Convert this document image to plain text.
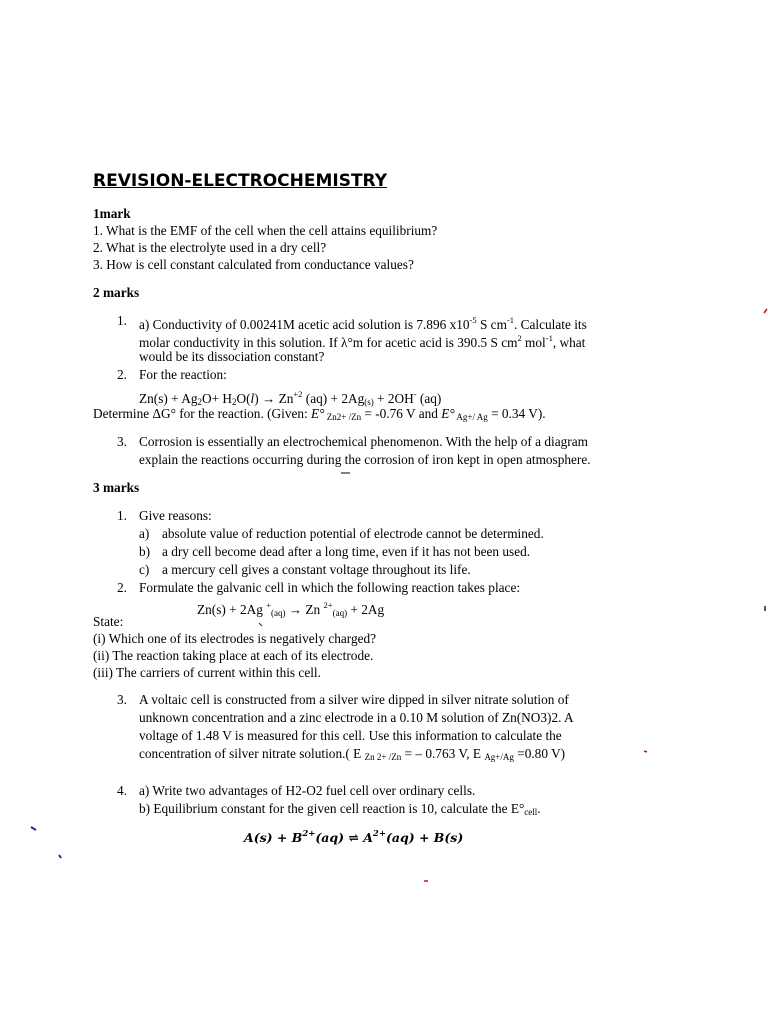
REVISION-ELECTROCHEMISTRY
1mark
1. What is the EMF of the cell when the cell attains equilibrium?
2. What is the electrolyte used in a dry cell?
3. How is cell constant calculated from conductance values?
2 marks
1. a) Conductivity of 0.00241M acetic acid solution is 7.896 $x10^{-5}$ S $cm^{-1}$. Calculate its
molar conductivity in this solution. If λ°m for acetic acid is 390.5 S $cm^2$ mol$^{-1}$, what
would be its dissociation constant?
2. For the reaction:
$Zn(s) + Ag_2O+ H_2O(l) \to Zn^{+2}$ $(aq) + 2Ag_{(s)} + 2OH^-$ (aq)
Determine ΔG° for the reaction. (Given: E° $_{Zn2+ /Zn}$ = -0.76 V and E° $_{Ag+/ Ag}$ = 0.34 V).
3. Corrosion is essentially an electrochemical phenomenon. With the help of a diagram
explain the reactions occurring during the corrosion of iron kept in open atmosphere.
3 marks
1. Give reasons:
a) absolute value of reduction potential of electrode cannot be determined.
b) a dry cell become dead after a long time, even if it has not been used.
c) a mercury cell gives a constant voltage throughout its life.
2. Formulate the galvanic cell in which the following reaction takes place:
Zn(s) + 2Ag +$_{(aq)}$ → Zn $^{2+}_{(aq)}$ + 2Ag
State:
(i) Which one of its electrodes is negatively charged?
(ii) The reaction taking place at each of its electrode.
(iii) The carriers of current within this cell.
3. A voltaic cell is constructed from a silver wire dipped in silver nitrate solution of
unknown concentration and a zinc electrode in a 0.10 M solution of Zn(NO3)2. A
voltage of 1.48 V is measured for this cell. Use this information to calculate the
concentration of silver nitrate solution.( E $_{Zn 2+ /Zn}$ = – 0.763 V, E $_{Ag+/Ag}$ =0.80 V)
4. a) Write two advantages of H2-O2 fuel cell over ordinary cells.
b) Equilibrium constant for the given cell reaction is 10, calculate the $E^\circ_{cell}$.
$A(s) + B^{2+}(aq)$ ⇌ $A^{2+}(aq) + B(s)$
